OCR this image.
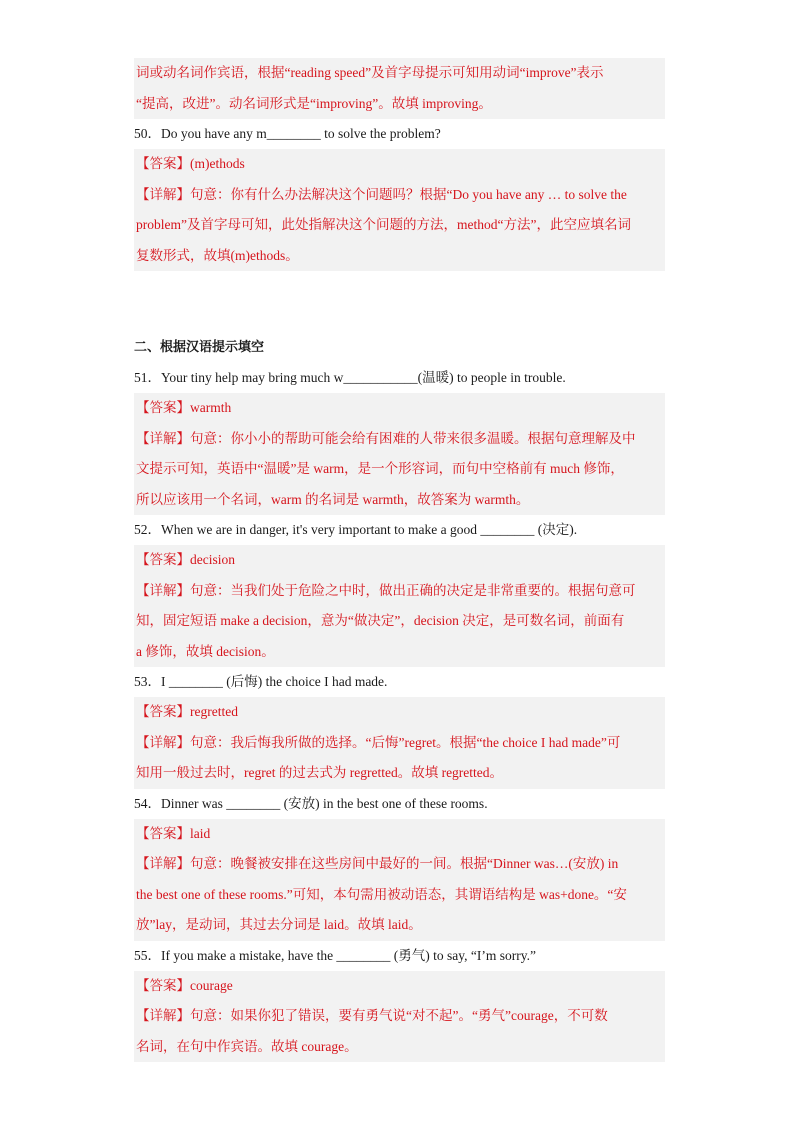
词或动名词作宾语，根据“reading speed”及首字母提示可知用动词“improve”表示
“提高，改进”。动名词形式是“improving”。故填 improving。
50．Do you have any m________ to solve the problem?
【答案】(m)ethods
【详解】句意：你有什么办法解决这个问题吗？根据“Do you have any … to solve the
problem”及首字母可知，此处指解决这个问题的方法，method“方法”，此空应填名词
复数形式，故填(m)ethods。
二、根据汉语提示填空
51．Your tiny help may bring much w___________(温暖) to people in trouble.
【答案】warmth
【详解】句意：你小小的帮助可能会给有困难的人带来很多温暖。根据句意理解及中
文提示可知，英语中“温暖”是 warm，是一个形容词，而句中空格前有 much 修饰，
所以应该用一个名词，warm 的名词是 warmth，故答案为 warmth。
52．When we are in danger, it's very important to make a good ________ (决定).
【答案】decision
【详解】句意：当我们处于危险之中时，做出正确的决定是非常重要的。根据句意可
知，固定短语 make a decision，意为“做决定”，decision 决定，是可数名词，前面有
a 修饰，故填 decision。
53．I ________ (后悔) the choice I had made.
【答案】regretted
【详解】句意：我后悔我所做的选择。“后悔”regret。根据“the choice I had made”可
知用一般过去时，regret 的过去式为 regretted。故填 regretted。
54．Dinner was ________ (安放) in the best one of these rooms.
【答案】laid
【详解】句意：晚餐被安排在这些房间中最好的一间。根据“Dinner was…(安放) in
the best one of these rooms.”可知，本句需用被动语态，其谓语结构是 was+done。“安
放”lay，是动词，其过去分词是 laid。故填 laid。
55．If you make a mistake, have the ________ (勇气) to say, “I’m sorry.”
【答案】courage
【详解】句意：如果你犯了错误，要有勇气说“对不起”。“勇气”courage，不可数
名词，在句中作宾语。故填 courage。
